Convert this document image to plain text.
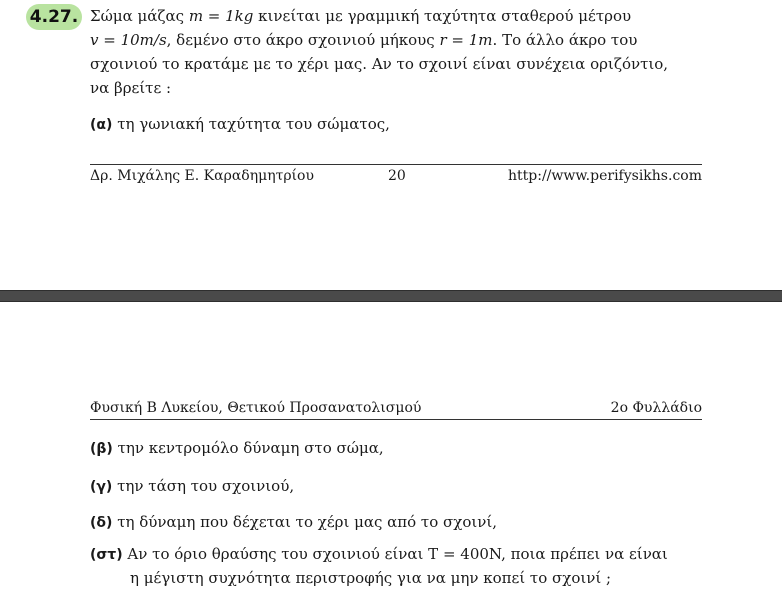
4.27. Σώμα μάζας m = 1kg κινείται με γραμμική ταχύτητα σταθερού μέτρου
v = 10m/s, δεμένο στο άκρο σχοινιού μήκους r = 1m. Το άλλο άκρο του
σχοινιού το κρατάμε με το χέρι μας. Αν το σχοινί είναι συνέχεια οριζόντιο,
να βρείτε :
(α) τη γωνιακή ταχύτητα του σώματος,
Δρ. Μιχάλης Ε. Καραδημητρίου	20	http://www.perifysikhs.com
Φυσική Β Λυκείου, Θετικού Προσανατολισμού	2ο Φυλλάδιο
(β) την κεντρομόλο δύναμη στο σώμα,
(γ) την τάση του σχοινιού,
(δ) τη δύναμη που δέχεται το χέρι μας από το σχοινί,
(στ) Αν το όριο θραύσης του σχοινιού είναι T = 400N, ποια πρέπει να είναι
η μέγιστη συχνότητα περιστροφής για να μην κοπεί το σχοινί ;
